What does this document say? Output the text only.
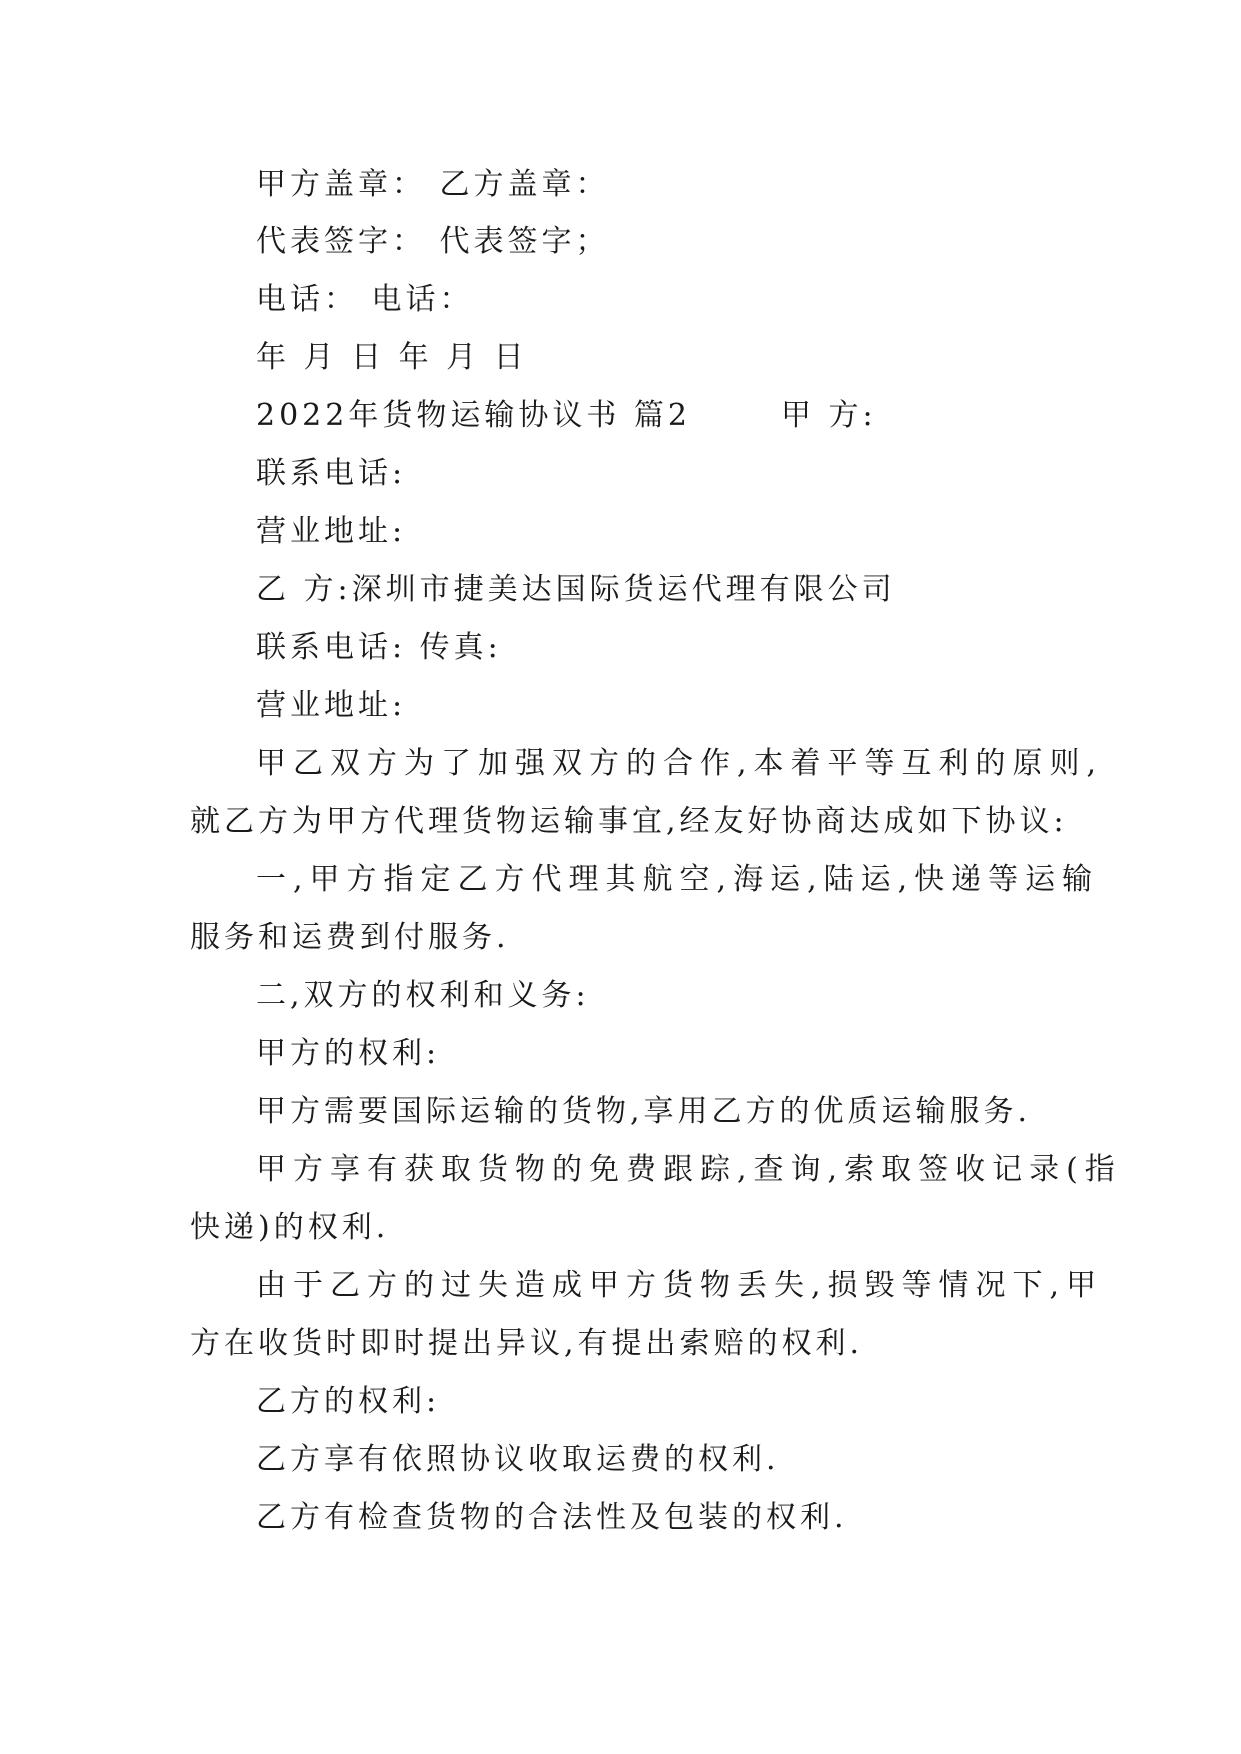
甲方盖章： 乙方盖章：
代表签字： 代表签字；
电话： 电话：
年 月 日 年 月 日
2022年货物运输协议书 篇2	甲 方:
联系电话:
营业地址:
乙 方:深圳市捷美达国际货运代理有限公司
联系电话: 传真:
营业地址:
甲乙双方为了加强双方的合作,本着平等互利的原则,
就乙方为甲方代理货物运输事宜,经友好协商达成如下协议:
一,甲方指定乙方代理其航空,海运,陆运,快递等运输
服务和运费到付服务.
二,双方的权利和义务:
甲方的权利:
甲方需要国际运输的货物,享用乙方的优质运输服务.
甲方享有获取货物的免费跟踪,查询,索取签收记录(指
快递)的权利.
由于乙方的过失造成甲方货物丢失,损毁等情况下,甲
方在收货时即时提出异议,有提出索赔的权利.
乙方的权利:
乙方享有依照协议收取运费的权利.
乙方有检查货物的合法性及包装的权利.
